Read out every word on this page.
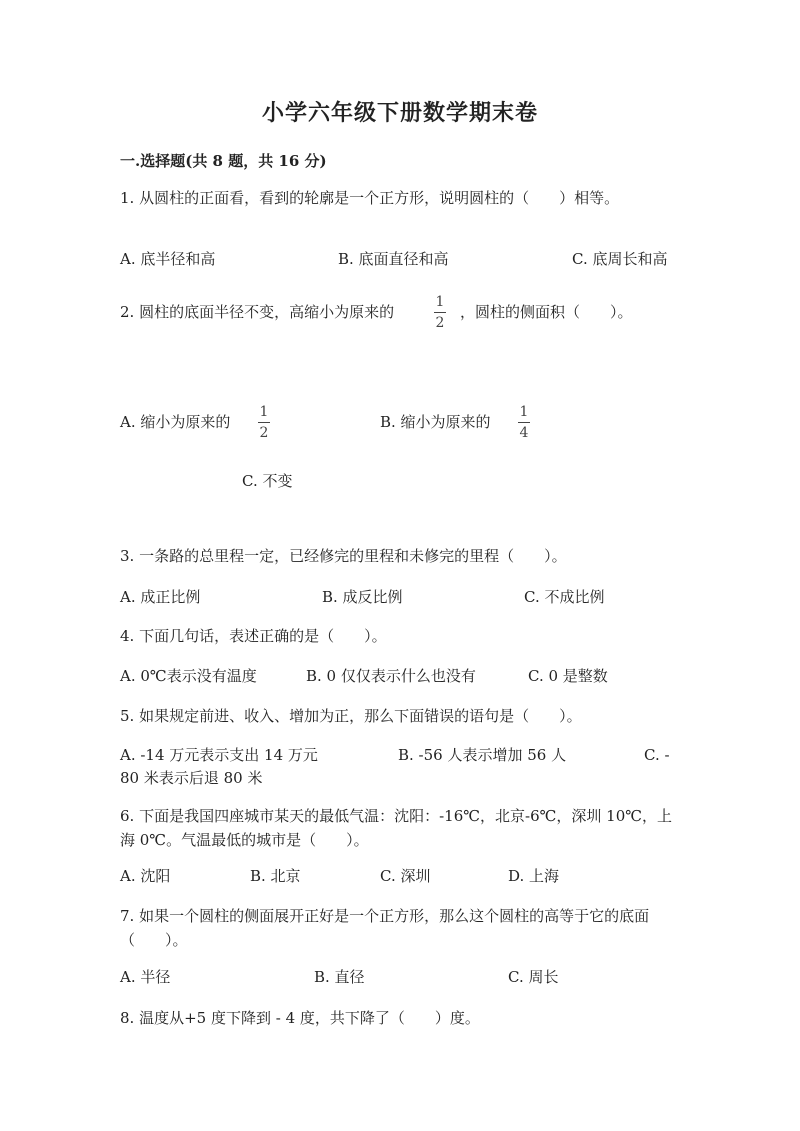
小学六年级下册数学期末卷
一.选择题(共 8 题，共 16 分)
1. 从圆柱的正面看，看到的轮廓是一个正方形，说明圆柱的（　　）相等。
A. 底半径和高	B. 底面直径和高	C. 底周长和高
2. 圆柱的底面半径不变，高缩小为原来的
1
2
，圆柱的侧面积（　　）。
A. 缩小为原来的
1
2
B. 缩小为原来的
1
4
C. 不变
3. 一条路的总里程一定，已经修完的里程和未修完的里程（　　）。
A. 成正比例	B. 成反比例	C. 不成比例
4. 下面几句话，表述正确的是（　　）。
A. 0℃表示没有温度	B. 0 仅仅表示什么也没有	C. 0 是整数
5. 如果规定前进、收入、增加为正，那么下面错误的语句是（　　）。
A. -14 万元表示支出 14 万元	B. -56 人表示增加 56 人	C. -
80 米表示后退 80 米
6. 下面是我国四座城市某天的最低气温：沈阳：-16℃，北京-6℃，深圳 10℃，上海 0℃。气温最低的城市是（　　）。
A. 沈阳	B. 北京	C. 深圳	D. 上海
7. 如果一个圆柱的侧面展开正好是一个正方形，那么这个圆柱的高等于它的底面（　　）。
A. 半径	B. 直径	C. 周长
8. 温度从+5 度下降到 - 4 度，共下降了（　　）度。
